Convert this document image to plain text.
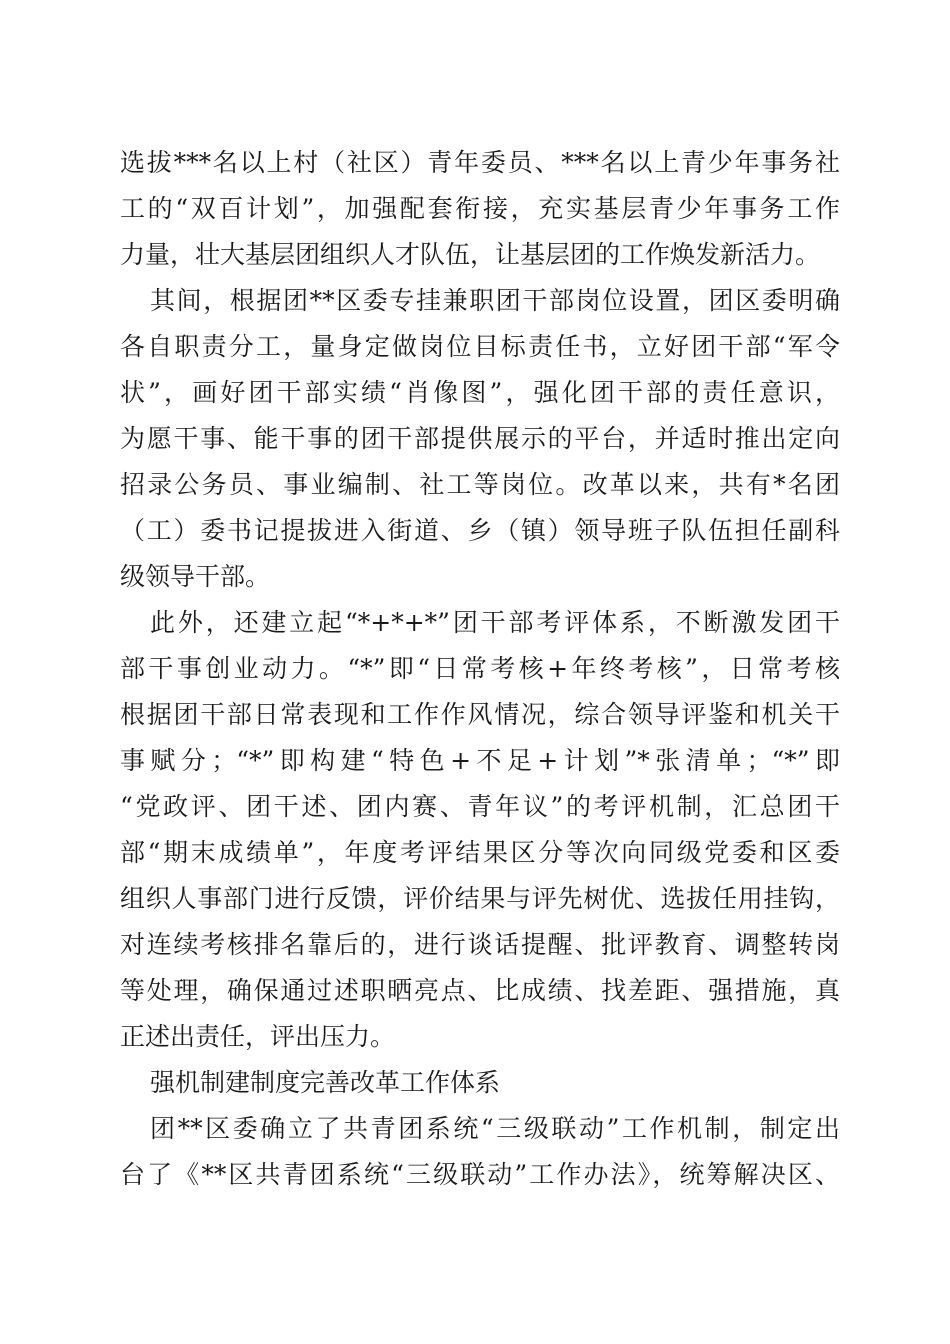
选拔***名以上村（社区）青年委员、***名以上青少年事务社
工的“双百计划”，加强配套衔接，充实基层青少年事务工作
力量，壮大基层团组织人才队伍，让基层团的工作焕发新活力。
其间，根据团**区委专挂兼职团干部岗位设置，团区委明确
各自职责分工，量身定做岗位目标责任书，立好团干部“军令
状”，画好团干部实绩“肖像图”，强化团干部的责任意识，
为愿干事、能干事的团干部提供展示的平台，并适时推出定向
招录公务员、事业编制、社工等岗位。改革以来，共有*名团
（工）委书记提拔进入街道、乡（镇）领导班子队伍担任副科
级领导干部。
此外，还建立起“*+*+*”团干部考评体系，不断激发团干
部干事创业动力。“*”即“日常考核+年终考核”，日常考核
根据团干部日常表现和工作作风情况，综合领导评鉴和机关干
事赋分；“*”即构建“特色+不足+计划”*张清单；“*”即
“党政评、团干述、团内赛、青年议”的考评机制，汇总团干
部“期末成绩单”，年度考评结果区分等次向同级党委和区委
组织人事部门进行反馈，评价结果与评先树优、选拔任用挂钩，
对连续考核排名靠后的，进行谈话提醒、批评教育、调整转岗
等处理，确保通过述职晒亮点、比成绩、找差距、强措施，真
正述出责任，评出压力。
强机制建制度完善改革工作体系
团**区委确立了共青团系统“三级联动”工作机制，制定出
台了《**区共青团系统“三级联动”工作办法》，统筹解决区、
